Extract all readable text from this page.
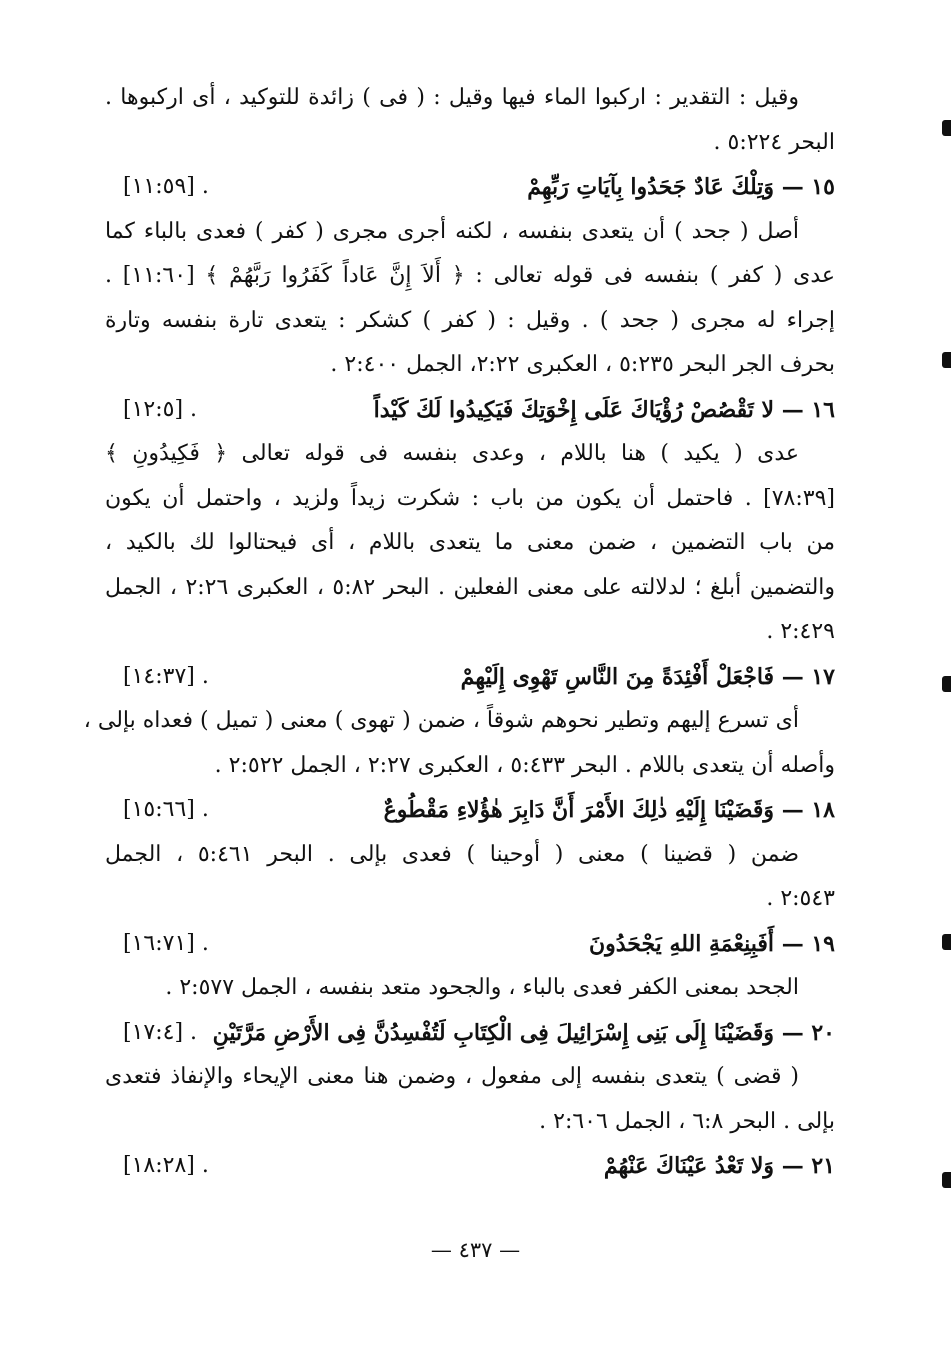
وقيل : التقدير : اركبوا الماء فيها وقيل : ( فى ) زائدة للتوكيد ، أى اركبوها .
البحر ٥:٢٢٤ .
١٥ — وَتِلْكَ عَادٌ جَحَدُوا بِآيَاتِ رَبِّهِمْ
[١١:٥٩] .
أصل ( جحد ) أن يتعدى بنفسه ، لكنه أجرى مجرى ( كفر ) فعدى بالباء كما
عدى ( كفر ) بنفسه فى قوله تعالى : ﴿ أَلاَ إِنَّ عَاداً كَفَرُوا رَبَّهُمْ ﴾ [١١:٦٠] .
إجراء له مجرى ( جحد ) . وقيل : ( كفر ) كشكر : يتعدى تارة بنفسه وتارة
بحرف الجر البحر ٥:٢٣٥ ، العكبرى ٢:٢٢، الجمل ٢:٤٠٠ .
١٦ — لا تَقْصُصْ رُؤْيَاكَ عَلَى إِخْوَتِكَ فَيَكِيدُوا لَكَ كَيْداً
[١٢:٥] .
عدى ( يكيد ) هنا باللام ، وعدى بنفسه فى قوله تعالى ﴿ فَكِيدُونِ ﴾
[٧٨:٣٩] . فاحتمل أن يكون من باب : شكرت زيداً ولزيد ، واحتمل أن يكون
من باب التضمين ، ضمن معنى ما يتعدى باللام ، أى فيحتالوا لك بالكيد ،
والتضمين أبلغ ؛ لدلالته على معنى الفعلين . البحر ٥:٨٢ ، العكبرى ٢:٢٦ ، الجمل
٢:٤٢٩ .
١٧ — فَاجْعَلْ أَفْئِدَةً مِنَ النَّاسِ تَهْوِى إِلَيْهِمْ
[١٤:٣٧] .
أى تسرع إليهم وتطير نحوهم شوقاً ، ضمن ( تهوى ) معنى ( تميل ) فعداه بإلى ،
وأصله أن يتعدى باللام . البحر ٥:٤٣٣ ، العكبرى ٢:٢٧ ، الجمل ٢:٥٢٢ .
١٨ — وَقَضَيْنَا إِلَيْهِ ذٰلِكَ الأَمْرَ أَنَّ دَابِرَ هٰؤُلاءِ مَقْطُوعٌ
[١٥:٦٦] .
ضمن ( قضينا ) معنى ( أوحينا ) فعدى بإلى . البحر ٥:٤٦١ ، الجمل
٢:٥٤٣ .
١٩ — أَفَبِنِعْمَةِ اللهِ يَجْحَدُونَ
[١٦:٧١] .
الجحد بمعنى الكفر فعدى بالباء ، والجحود متعد بنفسه ، الجمل ٢:٥٧٧ .
٢٠ — وَقَضَيْنَا إِلَى بَنِى إِسْرَائِيلَ فِى الْكِتَابِ لَتُفْسِدُنَّ فِى الأَرْضِ مَرَّتَيْنِ
[١٧:٤] .
( قضى ) يتعدى بنفسه إلى مفعول ، وضمن هنا معنى الإيحاء والإنفاذ فتعدى
بإلى . البحر ٦:٨ ، الجمل ٢:٦٠٦ .
٢١ — وَلا تَعْدُ عَيْنَاكَ عَنْهُمْ
[١٨:٢٨] .
— ٤٣٧ —
